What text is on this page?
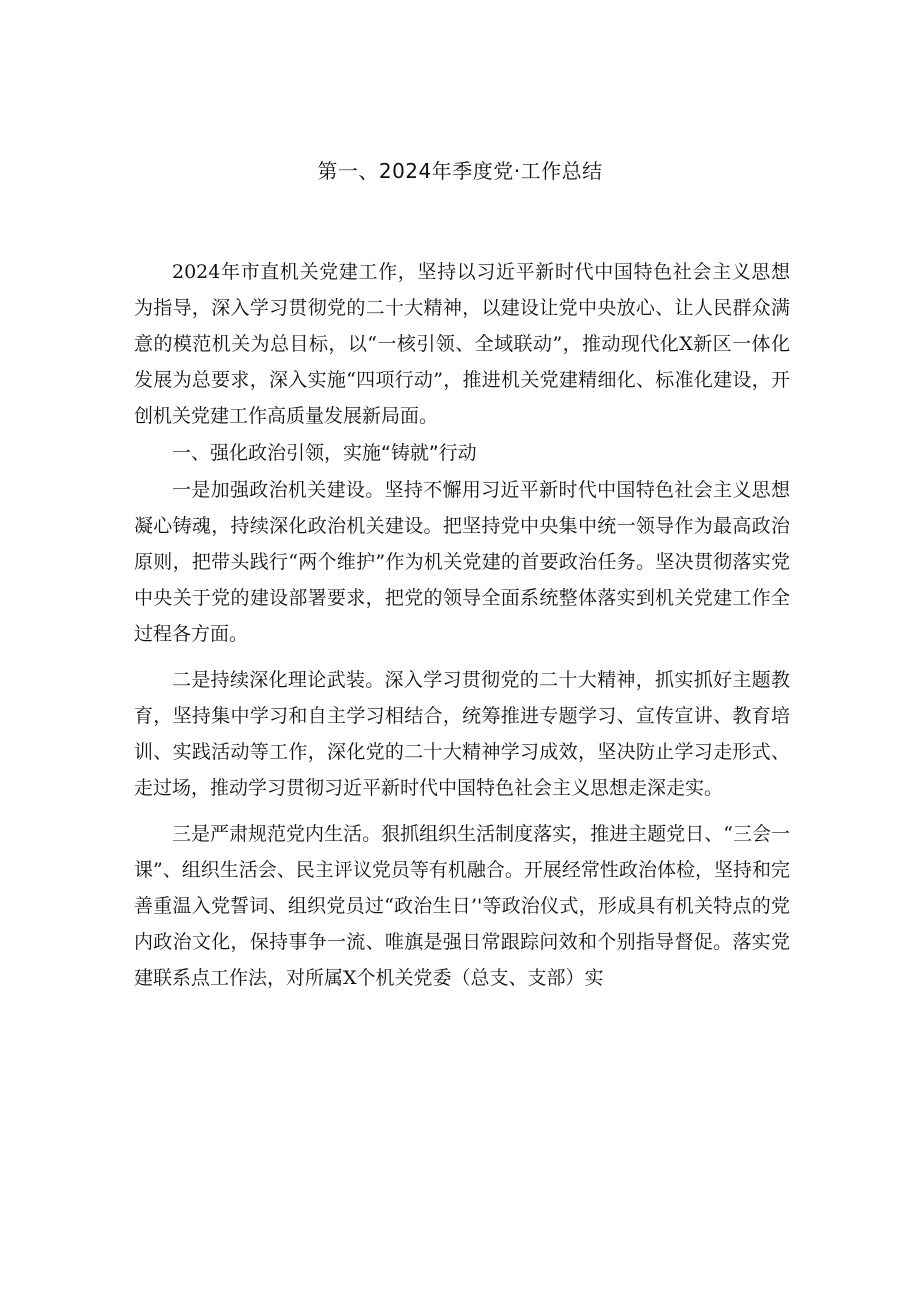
第一、2024年季度党·工作总结

2024年市直机关党建工作，坚持以习近平新时代中国特色社会主义思想为指导，深入学习贯彻党的二十大精神，以建设让党中央放心、让人民群众满意的模范机关为总目标，以“一核引领、全域联动”，推动现代化X新区一体化发展为总要求，深入实施“四项行动”，推进机关党建精细化、标准化建设，开创机关党建工作高质量发展新局面。

一、强化政治引领，实施“铸就”行动

一是加强政治机关建设。坚持不懈用习近平新时代中国特色社会主义思想凝心铸魂，持续深化政治机关建设。把坚持党中央集中统一领导作为最高政治原则，把带头践行“两个维护”作为机关党建的首要政治任务。坚决贯彻落实党中央关于党的建设部署要求，把党的领导全面系统整体落实到机关党建工作全过程各方面。

二是持续深化理论武装。深入学习贯彻党的二十大精神，抓实抓好主题教育，坚持集中学习和自主学习相结合，统筹推进专题学习、宣传宣讲、教育培训、实践活动等工作，深化党的二十大精神学习成效，坚决防止学习走形式、走过场，推动学习贯彻习近平新时代中国特色社会主义思想走深走实。

三是严肃规范党内生活。狠抓组织生活制度落实，推进主题党日、“三会一课”、组织生活会、民主评议党员等有机融合。开展经常性政治体检，坚持和完善重温入党誓词、组织党员过“政治生日’'等政治仪式，形成具有机关特点的党内政治文化，保持事争一流、唯旗是强日常跟踪问效和个别指导督促。落实党建联系点工作法，对所属X个机关党委（总支、支部）实
